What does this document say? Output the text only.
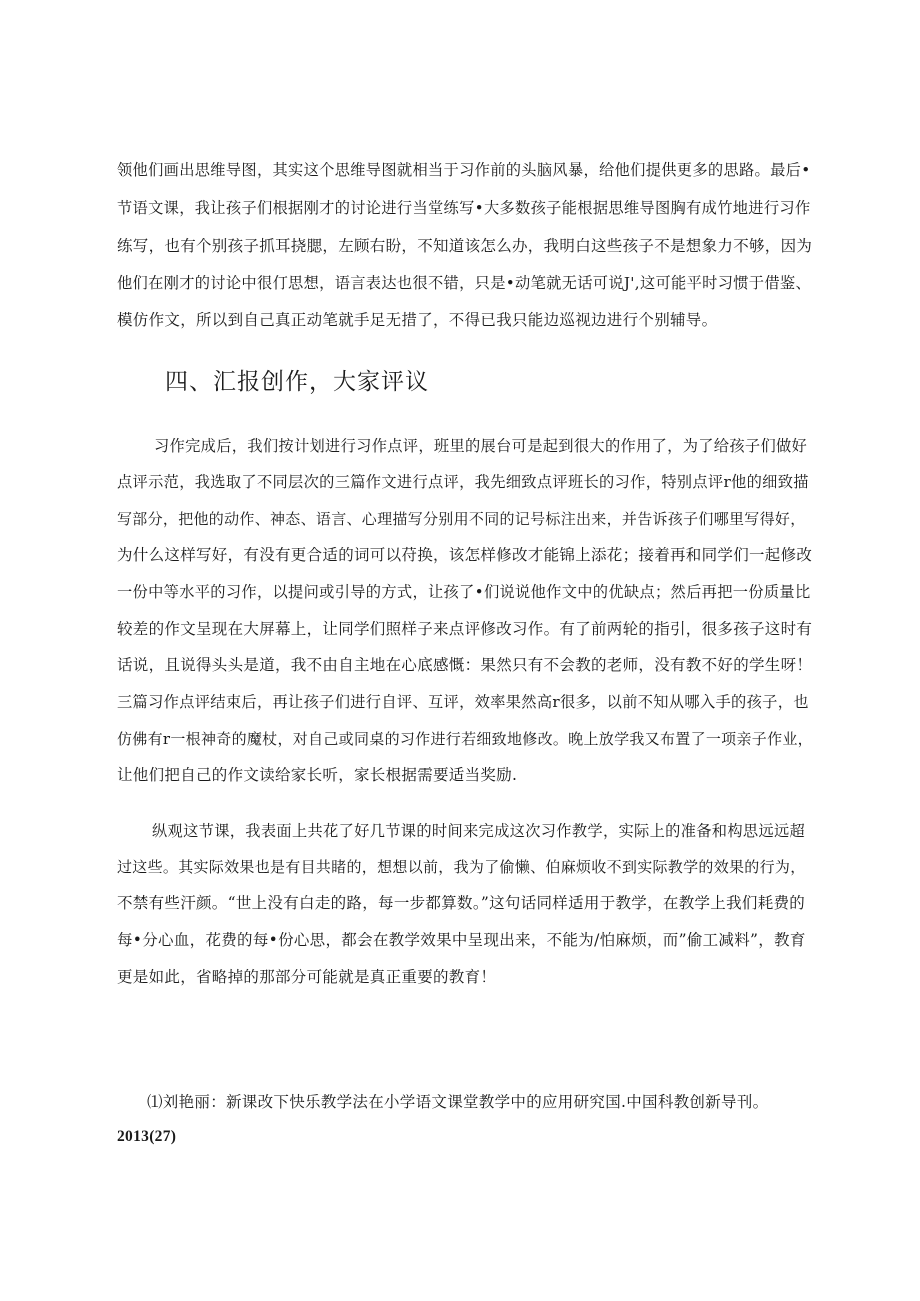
领他们画出思维导图，其实这个思维导图就相当于习作前的头脑风暴，给他们提供更多的思路。最后•
节语文课，我让孩子们根据刚才的讨论进行当堂练写•大多数孩子能根据思维导图胸有成竹地进行习作
练写，也有个别孩子抓耳挠腮，左顾右盼，不知道该怎么办，我明白这些孩子不是想象力不够，因为
他们在刚才的讨论中很仃思想，语言表达也很不错，只是•动笔就无话可说J',这可能平时习惯于借鉴、
模仿作文，所以到自己真正动笔就手足无措了，不得已我只能边巡视边进行个别辅导。
四、汇报创作，大家评议
习作完成后，我们按计划进行习作点评，班里的展台可是起到很大的作用了，为了给孩子们做好
点评示范，我选取了不同层次的三篇作文进行点评，我先细致点评班长的习作，特别点评r他的细致描
写部分，把他的动作、神态、语言、心理描写分别用不同的记号标注出来，并告诉孩子们哪里写得好，
为什么这样写好，有没有更合适的词可以苻换，该怎样修改才能锦上添花；接着再和同学们一起修改
一份中等水平的习作，以提问或引导的方式，让孩了•们说说他作文中的优缺点；然后再把一份质量比
较差的作文呈现在大屏幕上，让同学们照样子来点评修改习作。有了前两轮的指引，很多孩子这时有
话说，且说得头头是道，我不由自主地在心底感慨：果然只有不会教的老师，没有教不好的学生呀！
三篇习作点评结束后，再让孩子们进行自评、互评，效率果然高r很多，以前不知从哪入手的孩子，也
仿佛有r一根神奇的魔杖，对自己或同桌的习作进行若细致地修改。晚上放学我又布置了一项亲子作业，
让他们把自己的作文读给家长听，家长根据需要适当奖励.
纵观这节课，我表面上共花了好几节课的时间来完成这次习作教学，实际上的准备和构思远远超
过这些。其实际效果也是有目共睹的，想想以前，我为了偷懒、伯麻烦收不到实际教学的效果的行为，
不禁有些汗颜。“世上没有白走的路，每一步都算数。”这句话同样适用于教学，在教学上我们耗费的
每•分心血，花费的每•份心思，都会在教学效果中呈现出来，不能为/怕麻烦，而”偷工减料”，教育
更是如此，省略掉的那部分可能就是真正重要的教育！
⑴刘艳丽：新课改下快乐教学法在小学语文课堂教学中的应用研究国.中国科教创新导刊。
2013(27)
